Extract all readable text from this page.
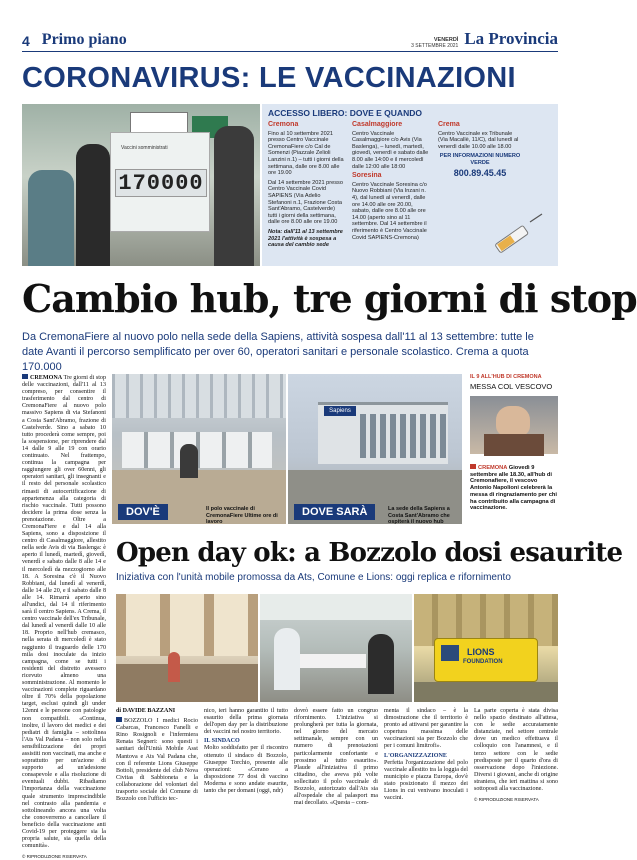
4 Primo piano	VENERDÌ
3 SETTEMBRE 2021 La Provincia
CORONAVIRUS: LE VACCINAZIONI
Vaccini somministrati
170000
ACCESSO LIBERO: DOVE E QUANDO
Cremona

Fino al 10 settembre 2021 presso Centro Vaccinale CremonaFiere c/o Cal de Somenzi (Piazzale Zelioli Lanzini n.1) – tutti i giorni della settimana, dalle ore 8.00 alle ore 19.00

Dal 14 settembre 2021 presso Centro Vaccinale Covid SAPIENS (Via Adelio Stefanoni n.1, Frazione Costa Sant'Abramo, Castelverde) tutti i giorni della settimana, dalle ore 8.00 alle ore 19.00

Nota: dall'11 al 13 settembre 2021 l'attività è sospesa a causa del cambio sede

Casalmaggiore

Centro Vaccinale Casalmaggiore c/o Avis (Via Baslenga), – lunedì, martedì, giovedì, venerdì e sabato dalle 8.00 alle 14:00 e il mercoledì dalle 12:00 alle 18:00

Soresina

Centro Vaccinale Soresina c/o Nuovo Robbiani (Via Inzani n. 4), dal lunedì al venerdì, dalle ore 14.00 alle ore 20.00, sabato, dalle ore 8.00 alle ore 14.00 (aperto sino al 11 settembre. Dal 14 settembre il riferimento è Centro Vaccinale Covid SAPIENS-Cremona)

Crema

Centro Vaccinale ex Tribunale (Via Macallè, 11/C), dal lunedì al venerdì dalle 10.00 alle 18.00

PER INFORMAZIONI NUMERO VERDE

800.89.45.45

Cambio hub, tre giorni di stop
Da CremonaFiere al nuovo polo nella sede della Sapiens, attività sospesa dall'11 al 13 settembre: tutte le date Avanti il percorso semplificato per over 60, operatori sanitari e personale scolastico. Crema a quota 170.000
CREMONA Tre giorni di stop delle vaccinazioni, dall'11 al 13 compreso, per consentire il trasferimento dal centro di CremonaFiere al nuovo polo massivo Sapiens di via Stefanoni a Costa Sant'Abramo, frazione di Castelverde. Sino a sabato 10 tutto procederà come sempre, poi la sospensione, per riprendere dal 14 dalle 9 alle 19 con orario continuato. Nel frattempo, continua la campagna per raggiungere gli over 60enni, gli operatori sanitari, gli insegnanti e il resto del personale scolastico rimasti di autocertificazione di appartenenza alla categoria di rischio vaccinale. Tutti possono decidere la prima dose senza la prenotazione. Oltre a CremonaFiere e dal 14 alla Sapiens, sono a disposizione il centro di Casalmaggiore, allestito nella sede Avis di via Baslenga: è aperto il lunedì, martedì, giovedì, venerdì e sabato dalle 8 alle 14 e il mercoledì da mezzogiorno alle 18. A Soresina c'è il Nuovo Robbiani, dal lunedì al venerdì, dalle 14 alle 20, e il sabato dalle 8 alle 14. Rimarrà aperto sino all'undici, dal 14 il riferimento sarà il centro Sapiens. A Crema, il centro vaccinale dell'ex Tribunale, dal lunedì al venerdì dalle 10 alle 18. Proprio nell'hub cremasco, nella serata di mercoledì è stato raggiunto il traguardo delle 170 mila dosi inoculate da inizio campagna, come se tutti i residenti del distretto avessero ricevuto almeno una somministrazione. Al momento le vaccinazioni complete riguardano oltre il 70% della popolazione target, esclusi quindi gli under 12enni e le persone con patologie non compatibili. «Continua, inoltre, il lavoro dei medici e dei pediatri di famiglia – sottolinea l'Ats Val Padana – non solo nella sensibilizzazione dei propri assistiti non vaccinati, ma anche e soprattutto per un'azione di supporto ad un'adesione consapevole e alla risoluzione di eventuali dubbi. Ribadiamo l'importanza della vaccinazione quale strumento imprescindibile nel contrasto alla pandemia e sottolineando ancora una volta che conoverremo a cancellare il beneficio della vaccinazione anti Covid-19 per proteggere sia la propria salute, sia quella della comunità».
© RIPRODUZIONE RISERVATA
DOV'È	Il polo vaccinale di CremonaFiere Ultime ore di lavoro
Sapiens
DOVE SARÀ	La sede della Sapiens a Costa Sant'Abramo che ospiterà il nuovo hub
IL 9 ALL'HUB DI CREMONA
MESSA COL VESCOVO
CREMONA Giovedì 9 settembre alle 18.30, all'hub di Cremonafiere, il vescovo Antonio Napolioni celebrerà la messa di ringraziamento per chi ha contribuito alla campagna di vaccinazione.
Open day ok: a Bozzolo dosi esaurite
Iniziativa con l'unità mobile promossa da Ats, Comune e Lions: oggi replica e rifornimento
LIONS
FOUNDATION
di DAVIDE BAZZANI
BOZZOLO I medici Rocio Cabarcas, Francesco Fanelli e Rino Rosignoli e l'infermiera Renata Segneri: sono questi i sanitari dell'Unità Mobile Asst Mantova e Ats Val Padana che, con il referente Lions Giuseppe Bottoli, presidente del club Nova Civitas di Sabbioneta e la collaborazione del volontari del trasporto sociale del Comune di Bozzolo con l'ufficio tec-
nico, ieri hanno garantito il tutto esaurito della prima giornata dell'open day per la distribuzione dei vaccini nel nostro territorio.
IL SINDACO
Molto soddisfatto per il riscontro ottenuto il sindaco di Bozzolo, Giuseppe Torchio, presente alle operazioni: «Cerano a disposizione 77 dosi di vaccino Moderna e sono andate esaurite, tanto che per domani (oggi, ndr)
dovrò essere fatto un congruo rifornimento. L'iniziativa si prolungherà per tutta la giornata, nel giorno del mercato settimanale, sempre con un numero di prenotazioni particolarmente confortante e prossimo al tutto esaurito». Plaude all'iniziativa il primo cittadino, che aveva più volte sollecitato il polo vaccinale di Bozzolo, autorizzato dall'Ats sia all'ospedale che al palasport ma mai decollato. «Questa – com-
menta il sindaco – è la dimostrazione che il territorio è pronto ad attivarsi per garantire la copertura massima delle vaccinazioni sia per Bozzolo che per i comuni limitrofi».
L'ORGANIZZAZIONE
Perfetta l'organizzazione del polo vaccinale allestito tra la loggia del municipio e piazza Europa, dov'è stato posizionato il mezzo dei Lions in cui venivano inoculati i vaccini.
La parte coperta è stata divisa nello spazio destinato all'attesa, con le sedie accuratamente distanziate, nel settore centrale dove un medico effettuava il colloquio con l'anamnesi, e il terzo settore con le sedie predisposte per il quarto d'ora di osservazione dopo l'iniezione. Diversi i giovani, anche di origine straniera, che ieri mattina si sono sottoposti alla vaccinazione.
© RIPRODUZIONE RISERVATA
